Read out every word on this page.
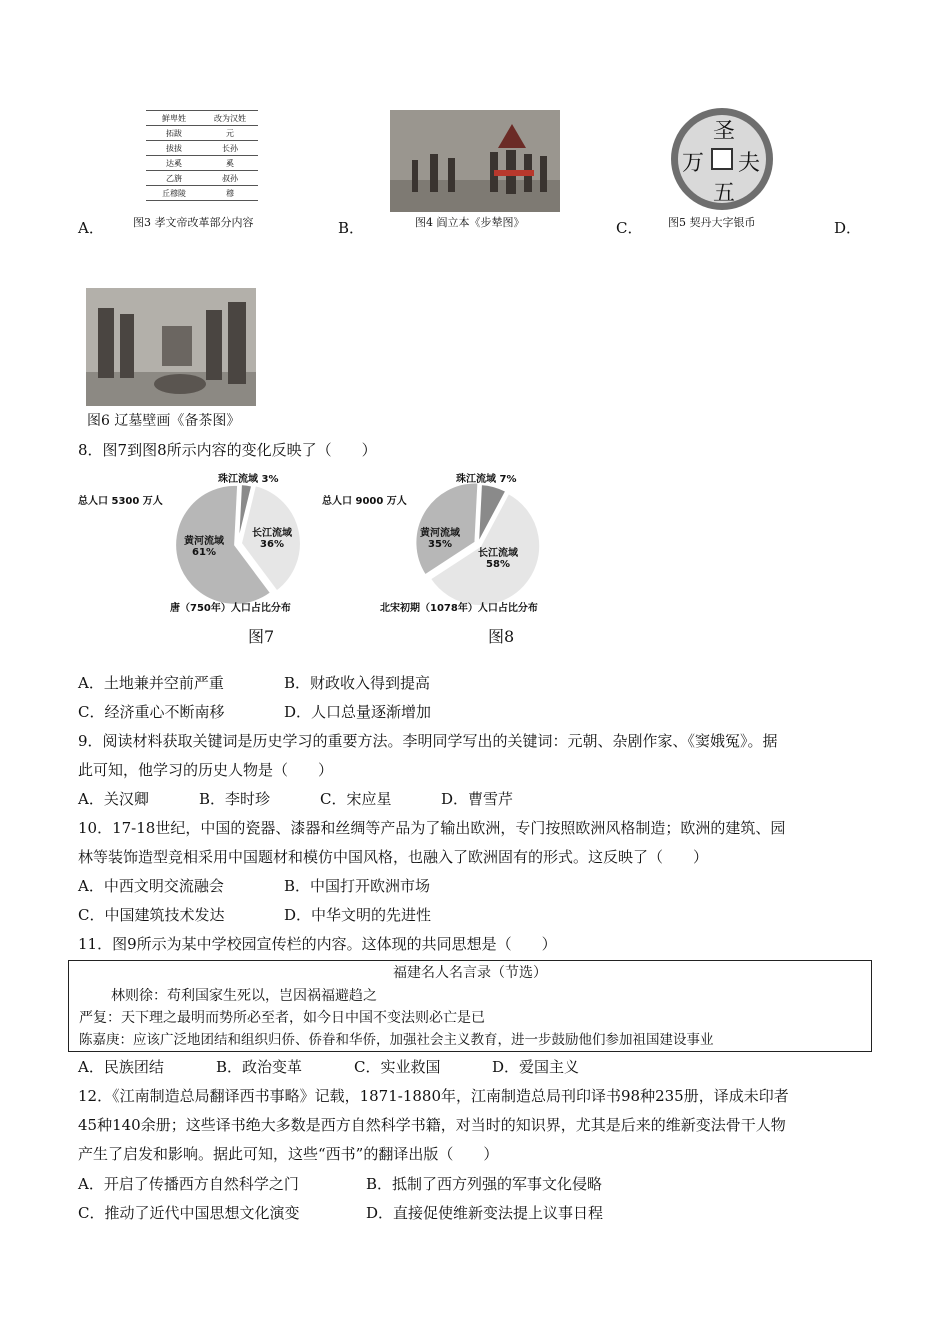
鲜卑姓	改为汉姓
拓跋	元
拔拔	长孙
达奚	奚
乙旃	叔孙
丘穆陵	穆
图3 孝文帝改革部分内容
A．	图4 阎立本《步辇图》
B．
圣
夫
五
万
图5 契丹大字银币
C．	D．
图6 辽墓壁画《备茶图》
8．图7到图8所示内容的变化反映了（　　）
总人口 5300 万人
珠江流域 3%
长江流域
36%
黄河流域
61%
唐（750年）人口占比分布
图7
总人口 9000 万人
珠江流域 7%
长江流域
58%
黄河流域
35%
北宋初期（1078年）人口占比分布
图8
A．土地兼并空前严重	B．财政收入得到提高
C．经济重心不断南移	D．人口总量逐渐增加
9．阅读材料获取关键词是历史学习的重要方法。李明同学写出的关键词：元朝、杂剧作家、《窦娥冤》。据
此可知，他学习的历史人物是（　　）
A．关汉卿	B．李时珍	C．宋应星	D．曹雪芹
10．17-18世纪，中国的瓷器、漆器和丝绸等产品为了输出欧洲，专门按照欧洲风格制造；欧洲的建筑、园
林等装饰造型竞相采用中国题材和模仿中国风格，也融入了欧洲固有的形式。这反映了（　　）
A．中西文明交流融会	B．中国打开欧洲市场
C．中国建筑技术发达	D．中华文明的先进性
11．图9所示为某中学校园宣传栏的内容。这体现的共同思想是（　　）
福建名人名言录（节选）
林则徐：苟利国家生死以，岂因祸福避趋之
严复：天下理之最明而势所必至者，如今日中国不变法则必亡是已
陈嘉庚：应该广泛地团结和组织归侨、侨眷和华侨，加强社会主义教育，进一步鼓励他们参加祖国建设事业
A．民族团结	B．政治变革	C．实业救国	D．爱国主义
12．《江南制造总局翻译西书事略》记载，1871-1880年，江南制造总局刊印译书98种235册，译成未印者
45种140余册；这些译书绝大多数是西方自然科学书籍，对当时的知识界，尤其是后来的维新变法骨干人物
产生了启发和影响。据此可知，这些“西书”的翻译出版（　　）
A．开启了传播西方自然科学之门	B．抵制了西方列强的军事文化侵略
C．推动了近代中国思想文化演变	D．直接促使维新变法提上议事日程
